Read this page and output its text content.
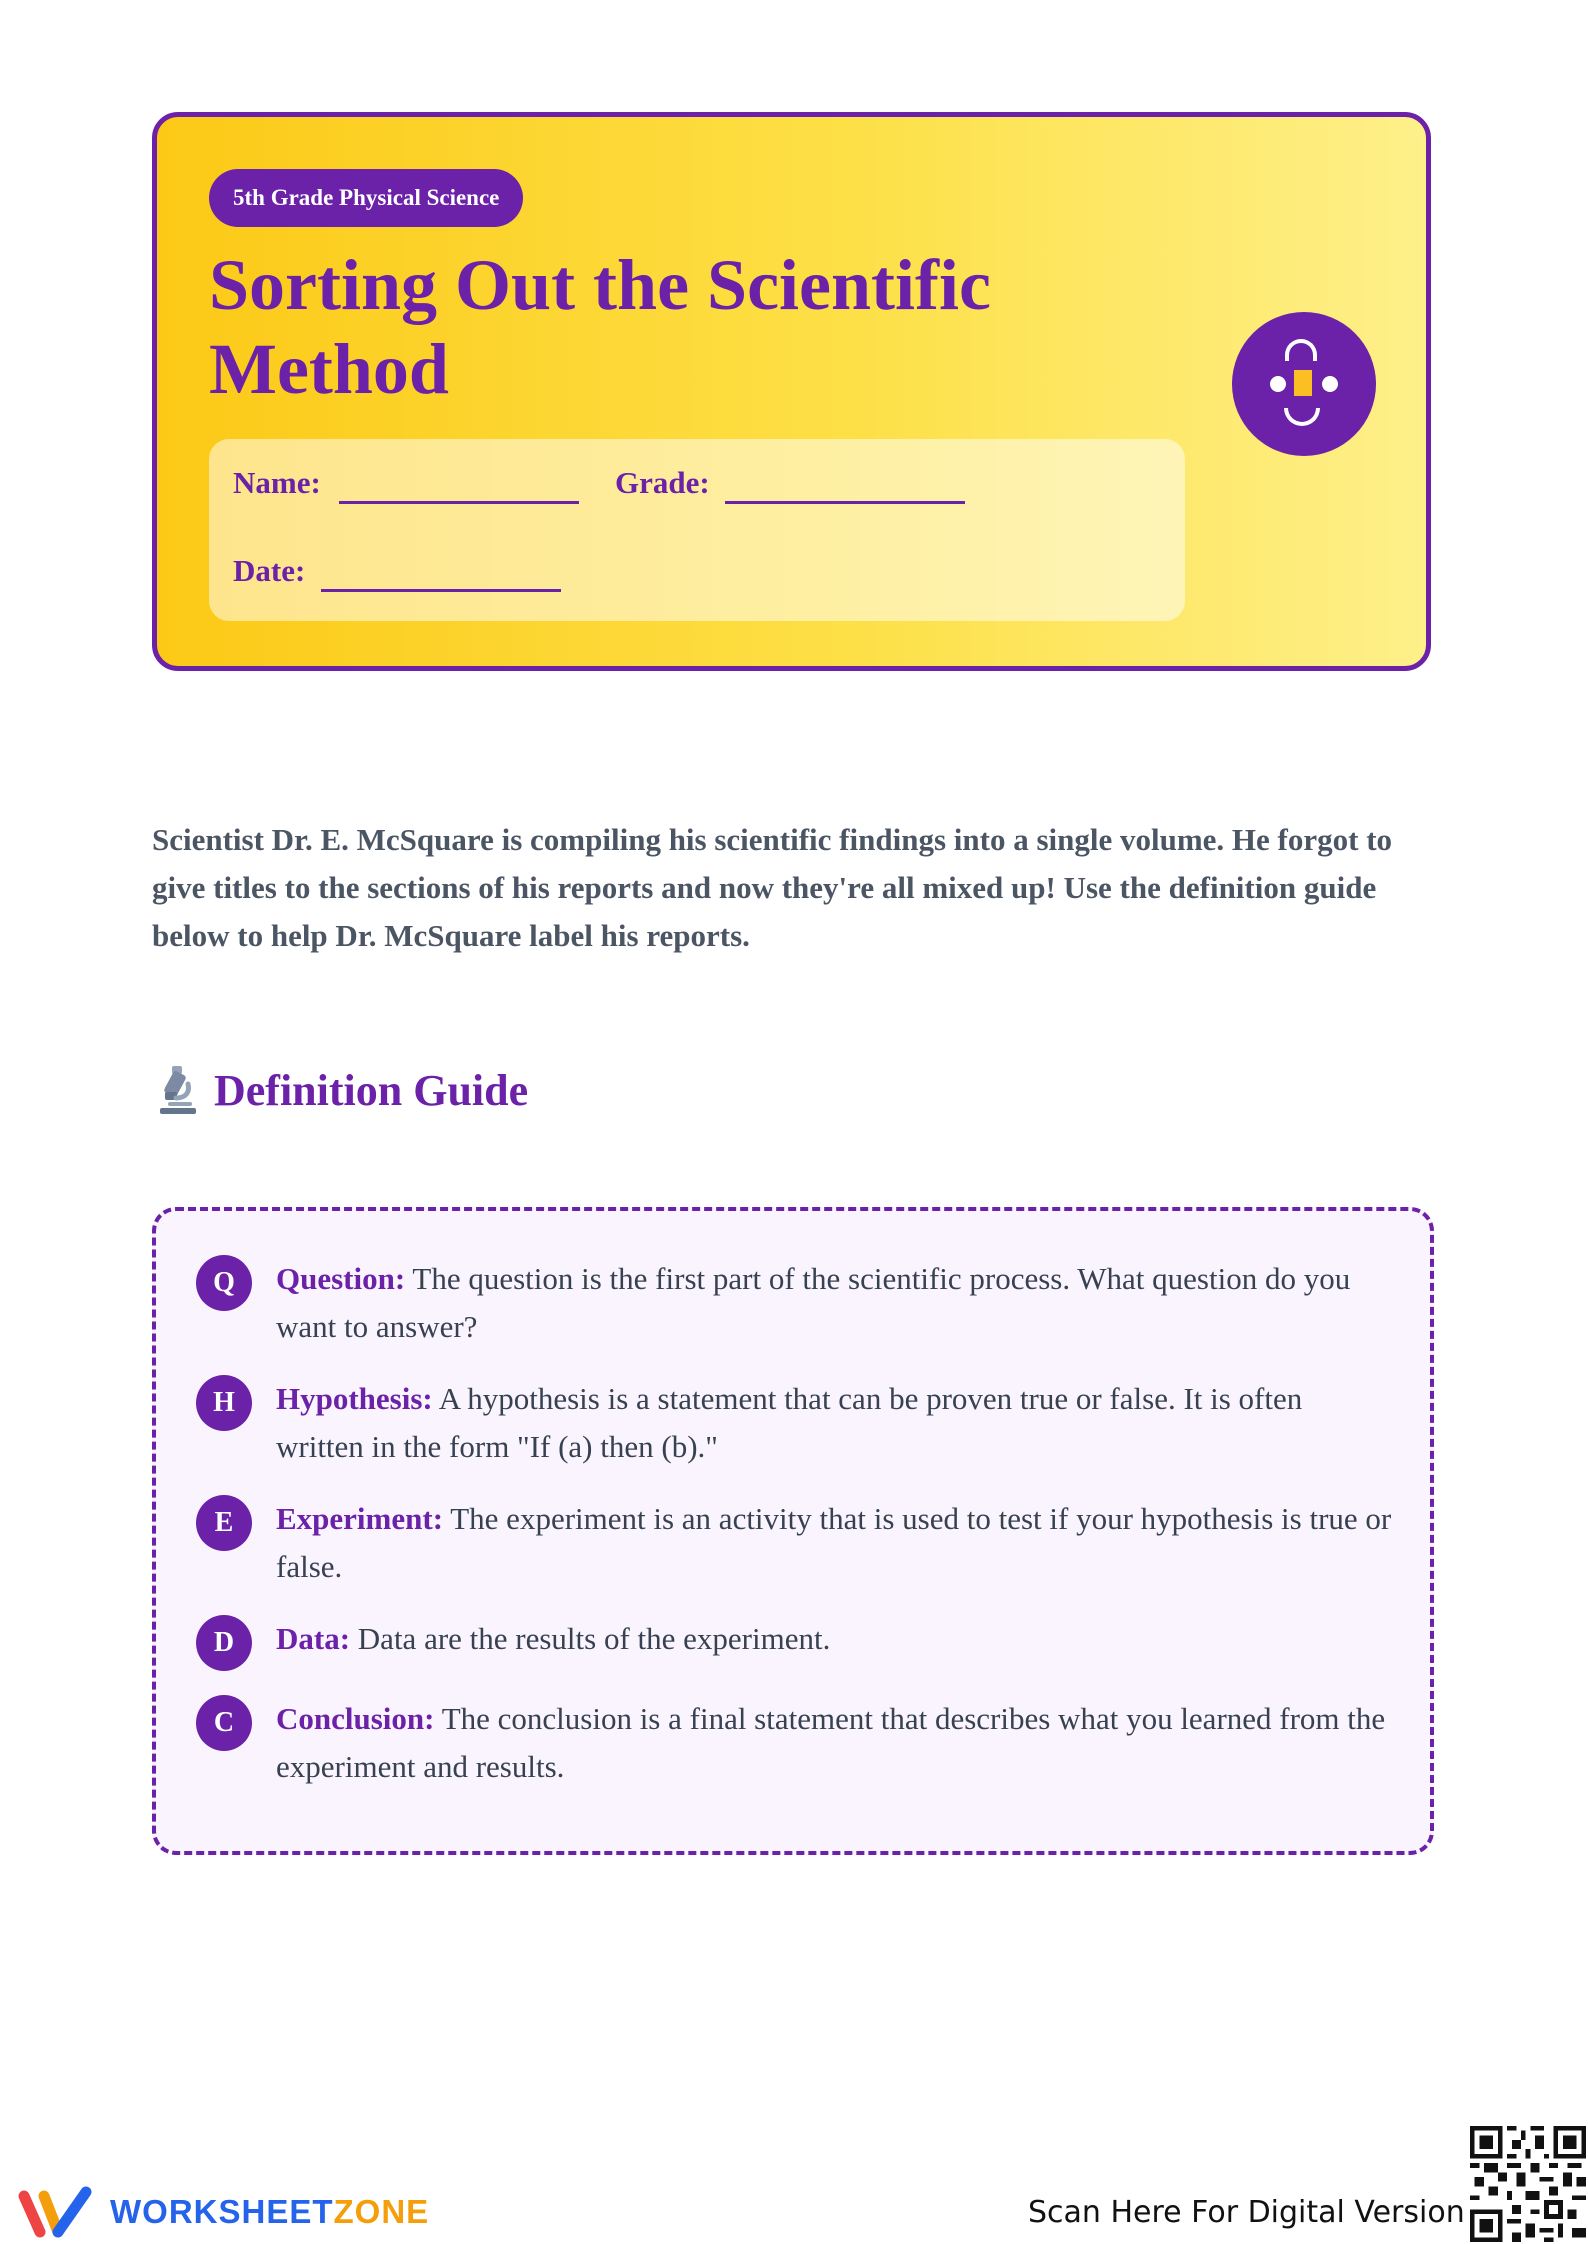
5th Grade Physical Science
Sorting Out the Scientific Method
Name:	Grade:
Date:

Scientist Dr. E. McSquare is compiling his scientific findings into a single volume. He forgot to give titles to the sections of his reports and now they're all mixed up! Use the definition guide below to help Dr. McSquare label his reports.

Definition Guide
Q	Question: The question is the first part of the scientific process. What question do you want to answer?

H	Hypothesis: A hypothesis is a statement that can be proven true or false. It is often written in the form "If (a) then (b)."

E	Experiment: The experiment is an activity that is used to test if your hypothesis is true or false.

D	Data: Data are the results of the experiment.

C	Conclusion: The conclusion is a final statement that describes what you learned from the experiment and results.

WORKSHEETZONE	Scan Here For Digital Version
